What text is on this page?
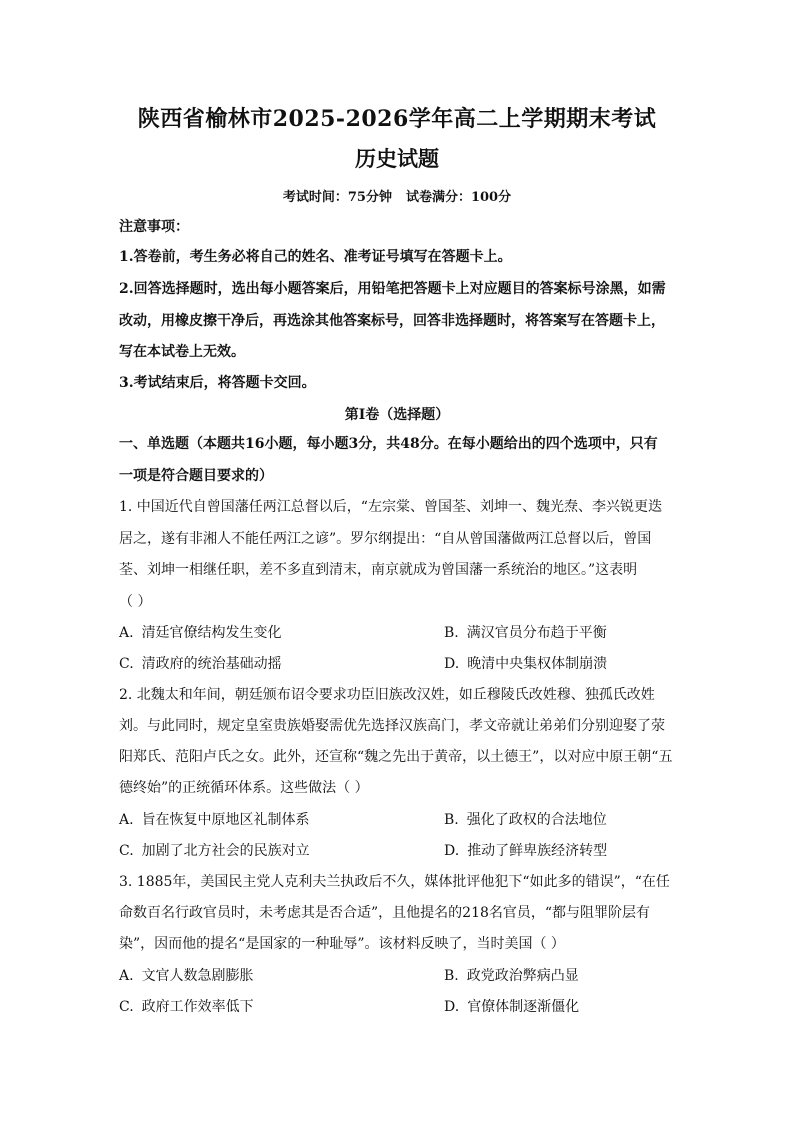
陕西省榆林市2025-2026学年高二上学期期末考试
历史试题
考试时间：75分钟 试卷满分：100分
注意事项：
1.答卷前，考生务必将自己的姓名、准考证号填写在答题卡上。
2.回答选择题时，选出每小题答案后，用铅笔把答题卡上对应题目的答案标号涂黑，如需
改动，用橡皮擦干净后，再选涂其他答案标号，回答非选择题时，将答案写在答题卡上，
写在本试卷上无效。
3.考试结束后，将答题卡交回。
第Ⅰ卷（选择题）
一、单选题（本题共16小题，每小题3分，共48分。在每小题给出的四个选项中，只有
一项是符合题目要求的）
1. 中国近代自曾国藩任两江总督以后，“左宗棠、曾国荃、刘坤一、魏光焘、李兴锐更迭
居之，遂有非湘人不能任两江之谚”。罗尔纲提出：“自从曾国藩做两江总督以后，曾国
荃、刘坤一相继任职，差不多直到清末，南京就成为曾国藩一系统治的地区。”这表明
（ ）
A. 清廷官僚结构发生变化	B. 满汉官员分布趋于平衡
C. 清政府的统治基础动摇	D. 晚清中央集权体制崩溃
2. 北魏太和年间，朝廷颁布诏令要求功臣旧族改汉姓，如丘穆陵氏改姓穆、独孤氏改姓
刘。与此同时，规定皇室贵族婚娶需优先选择汉族高门，孝文帝就让弟弟们分别迎娶了荥
阳郑氏、范阳卢氏之女。此外，还宣称“魏之先出于黄帝，以土德王”，以对应中原王朝“五
德终始”的正统循环体系。这些做法（ ）
A. 旨在恢复中原地区礼制体系	B. 强化了政权的合法地位
C. 加剧了北方社会的民族对立	D. 推动了鲜卑族经济转型
3. 1885年，美国民主党人克利夫兰执政后不久，媒体批评他犯下“如此多的错误”，“在任
命数百名行政官员时，未考虑其是否合适”，且他提名的218名官员，“都与阻罪阶层有
染”，因而他的提名“是国家的一种耻辱”。该材料反映了，当时美国（ ）
A. 文官人数急剧膨胀	B. 政党政治弊病凸显
C. 政府工作效率低下	D. 官僚体制逐渐僵化
